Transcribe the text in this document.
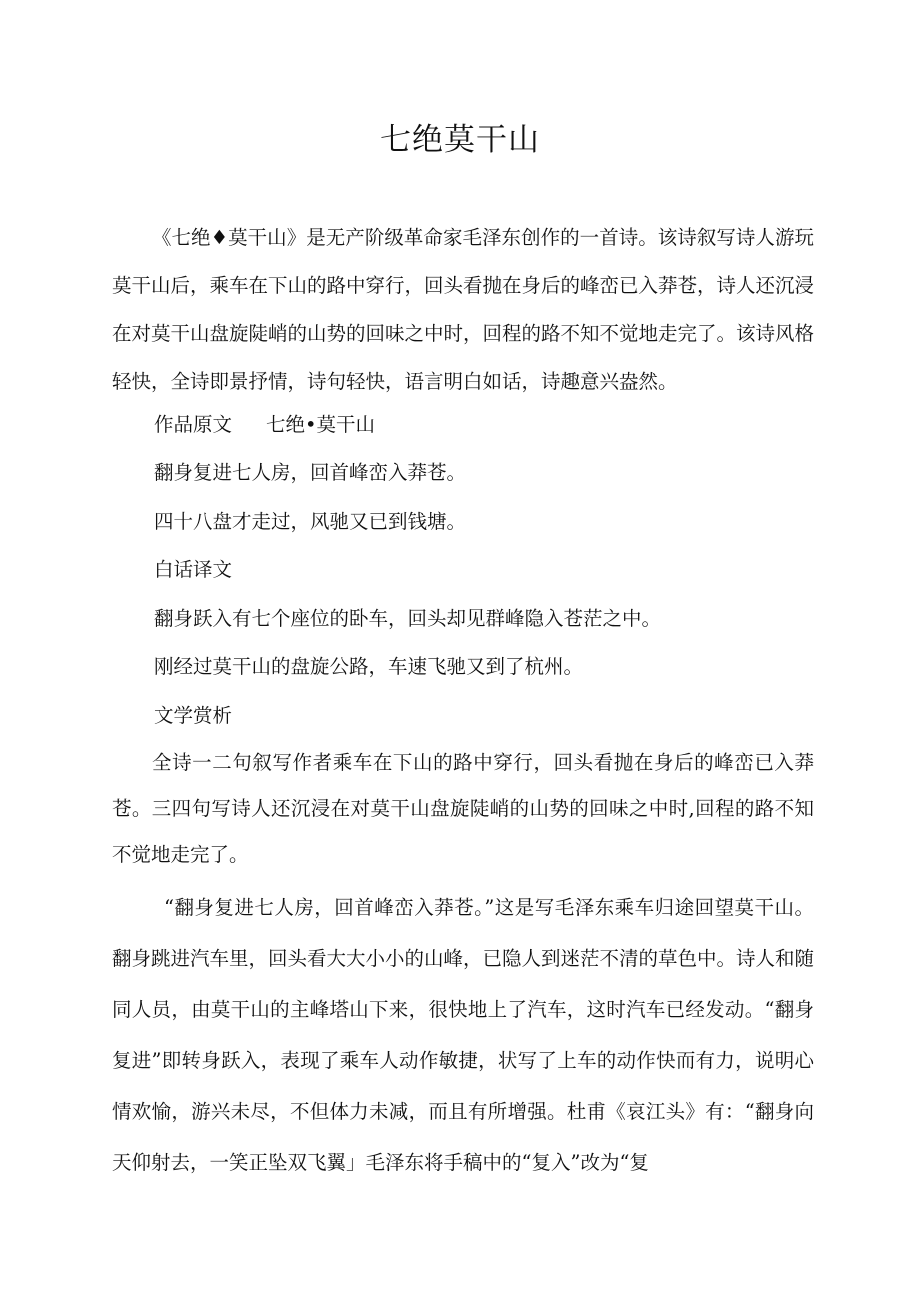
七绝莫干山
《七绝♦莫干山》是无产阶级革命家毛泽东创作的一首诗。该诗叙写诗人游玩莫干山后，乘车在下山的路中穿行，回头看抛在身后的峰峦已入莽苍，诗人还沉浸在对莫干山盘旋陡峭的山势的回味之中时，回程的路不知不觉地走完了。该诗风格轻快，全诗即景抒情，诗句轻快，语言明白如话，诗趣意兴盎然。
作品原文 七绝•莫干山
翻身复进七人房，回首峰峦入莽苍。
四十八盘才走过，风驰又已到钱塘。
白话译文
翻身跃入有七个座位的卧车，回头却见群峰隐入苍茫之中。
刚经过莫干山的盘旋公路，车速飞驰又到了杭州。
文学赏析
全诗一二句叙写作者乘车在下山的路中穿行，回头看抛在身后的峰峦已入莽苍。三四句写诗人还沉浸在对莫干山盘旋陡峭的山势的回味之中时,回程的路不知不觉地走完了。
“翻身复进七人房，回首峰峦入莽苍。”这是写毛泽东乘车归途回望莫干山。翻身跳进汽车里，回头看大大小小的山峰，已隐人到迷茫不清的草色中。诗人和随同人员，由莫干山的主峰塔山下来，很快地上了汽车，这时汽车已经发动。“翻身复进”即转身跃入，表现了乘车人动作敏捷，状写了上车的动作快而有力，说明心情欢愉，游兴未尽，不但体力未减，而且有所增强。杜甫《哀江头》有：“翻身向天仰射去，一笑正坠双飞翼」毛泽东将手稿中的“复入”改为“复
